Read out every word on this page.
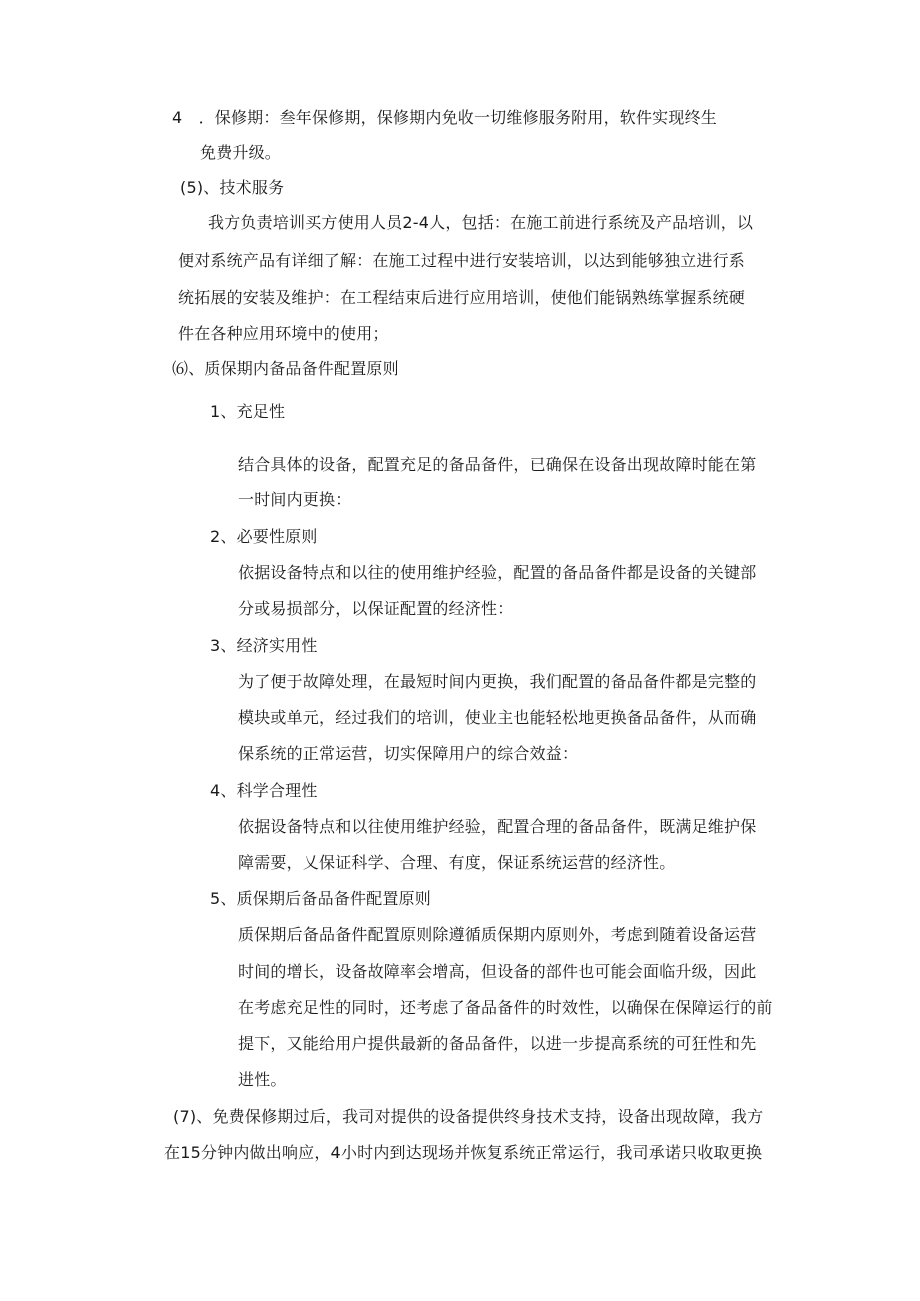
4　．保修期：叁年保修期，保修期内免收一切维修服务附用，软件实现终生
免费升级。
(5)、技术服务
我方负责培训买方使用人员2-4人，包括：在施工前进行系统及产品培训，以
便对系统产品有详细了解：在施工过程中进行安装培训，以达到能够独立进行系
统拓展的安装及维护：在工程结束后进行应用培训，使他们能锅熟练掌握系统硬
件在各种应用环境中的使用；
⑹、质保期内备品备件配置原则
1、充足性
结合具体的设备，配置充足的备品备件，已确保在设备出现故障时能在第
一时间内更换：
2、必要性原则
依据设备特点和以往的使用维护经验，配置的备品备件都是设备的关键部
分或易损部分，以保证配置的经济性：
3、经济实用性
为了便于故障处理，在最短时间内更换，我们配置的备品备件都是完整的
模块或单元，经过我们的培训，使业主也能轻松地更换备品备件，从而确
保系统的正常运营，切实保障用户的综合效益：
4、科学合理性
依据设备特点和以往使用维护经验，配置合理的备品备件，既满足维护保
障需要，乂保证科学、合理、有度，保证系统运营的经济性。
5、质保期后备品备件配置原则
质保期后备品备件配置原则除遵循质保期内原则外，考虑到随着设备运营
时间的增长，设备故障率会增高，但设备的部件也可能会面临升级，因此
在考虑充足性的同时，还考虑了备品备件的时效性，以确保在保障运行的前
提下，又能给用户提供最新的备品备件，以进一步提高系统的可狂性和先
进性。
(7)、免费保修期过后，我司对提供的设备提供终身技术支持，设备出现故障，我方
在15分钟内做出响应，4小时内到达现场并恢复系统正常运行，我司承诺只收取更换
